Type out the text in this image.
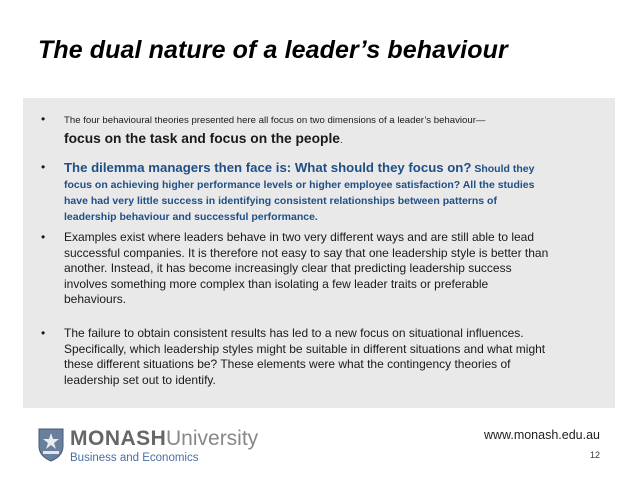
The dual nature of a leader’s behaviour
•	The four behavioural theories presented here all focus on two dimensions of a leader’s behaviour—
focus on the task and focus on the people.
•	The dilemma managers then face is: What should they focus on? Should they focus on achieving higher performance levels or higher employee satisfaction? All the studies have had very little success in identifying consistent relationships between patterns of leadership behaviour and successful performance.
•	Examples exist where leaders behave in two very different ways and are still able to lead successful companies. It is therefore not easy to say that one leadership style is better than another. Instead, it has become increasingly clear that predicting leadership success involves something more complex than isolating a few leader traits or preferable behaviours.
•	The failure to obtain consistent results has led to a new focus on situational influences. Specifically, which leadership styles might be suitable in different situations and what might these different situations be? These elements were what the contingency theories of leadership set out to identify.
MONASH University
Business and Economics
www.monash.edu.au
12
